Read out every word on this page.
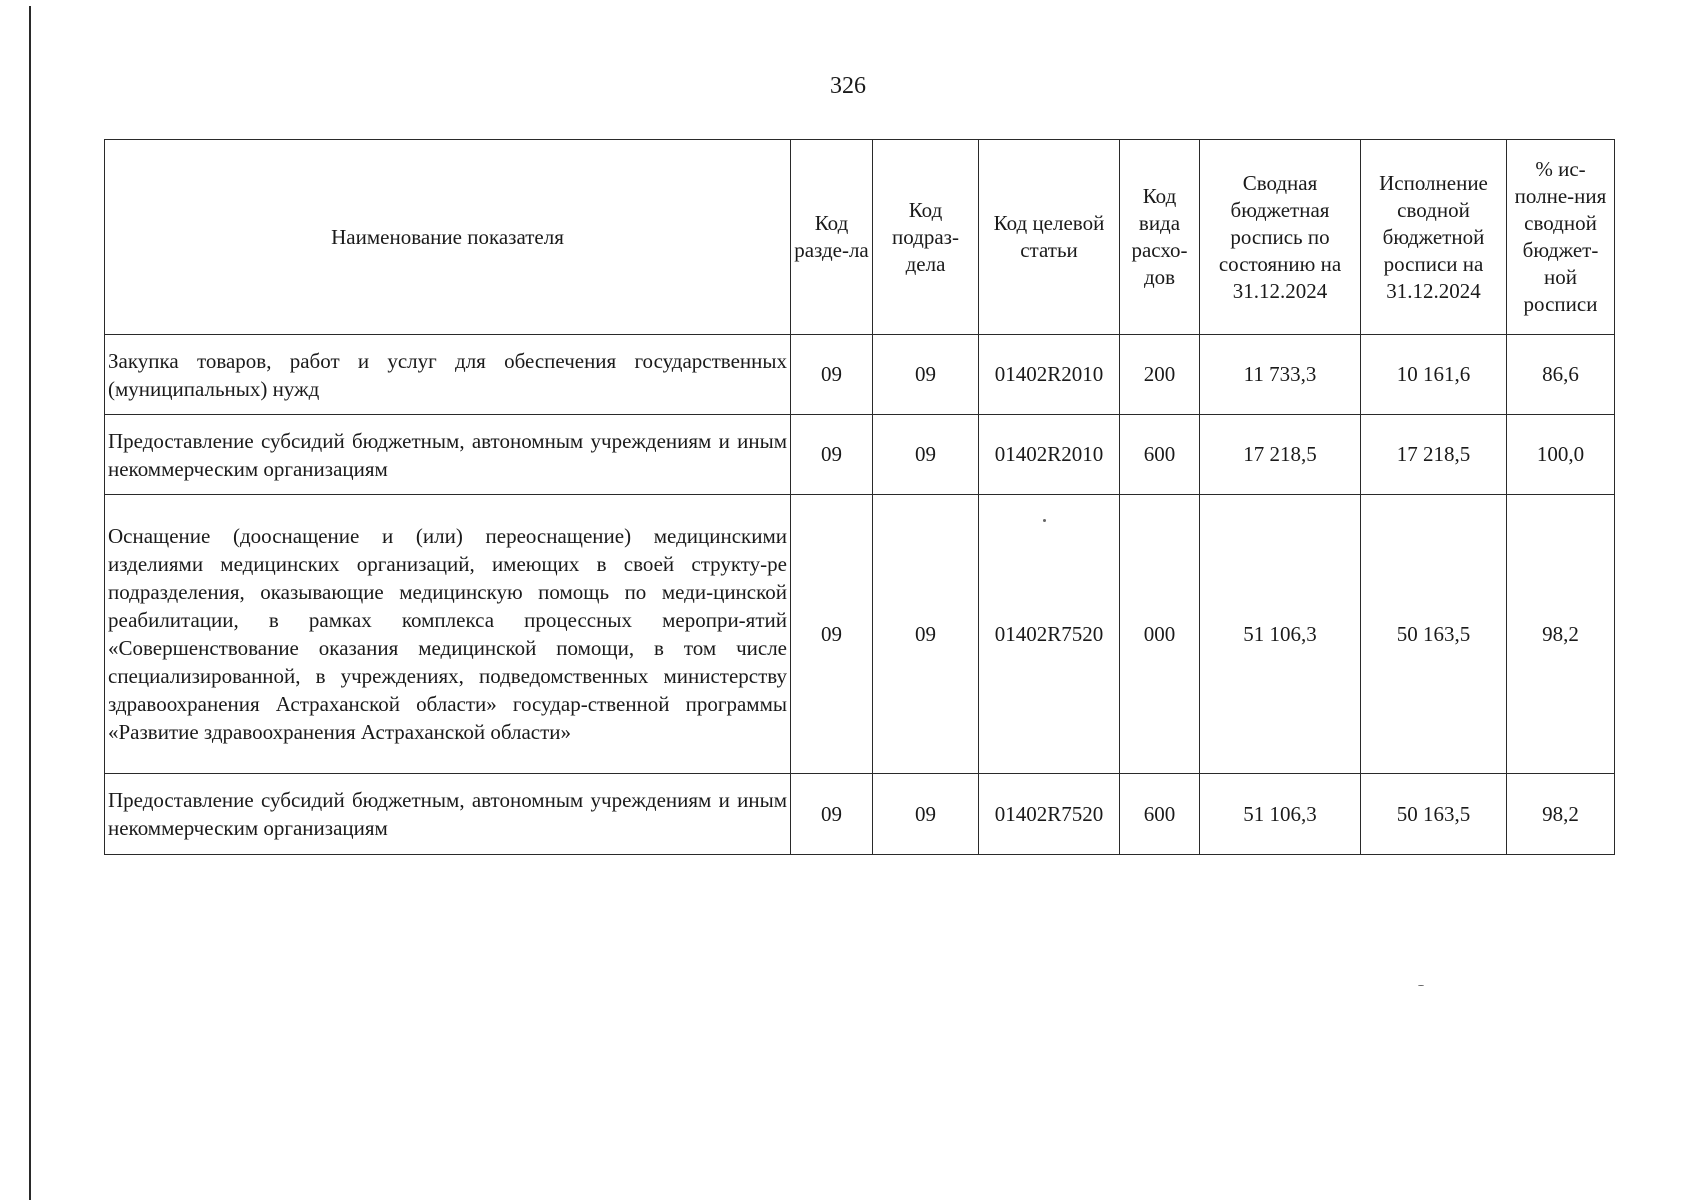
326
Наименование показателя	Код разде-ла	Код подраз-дела	Код целевой статьи	Код вида расхо-дов	Сводная бюджетная роспись по состоянию на 31.12.2024	Исполнение сводной бюджетной росписи на 31.12.2024	% ис-полне-ния сводной бюджет-ной росписи
Закупка товаров, работ и услуг для обеспечения государственных (муниципальных) нужд	09	09	01402R2010	200	11 733,3	10 161,6	86,6
Предоставление субсидий бюджетным, автономным учреждениям и иным некоммерческим организациям	09	09	01402R2010	600	17 218,5	17 218,5	100,0
Оснащение (дооснащение и (или) переоснащение) медицинскими изделиями медицинских организаций, имеющих в своей структу-ре подразделения, оказывающие медицинскую помощь по меди-цинской реабилитации, в рамках комплекса процессных меропри-ятий «Совершенствование оказания медицинской помощи, в том числе специализированной, в учреждениях, подведомственных министерству здравоохранения Астраханской области» государ-ственной программы «Развитие здравоохранения Астраханской области»	09	09	01402R7520	000	51 106,3	50 163,5	98,2
Предоставление субсидий бюджетным, автономным учреждениям и иным некоммерческим организациям	09	09	01402R7520	600	51 106,3	50 163,5	98,2
